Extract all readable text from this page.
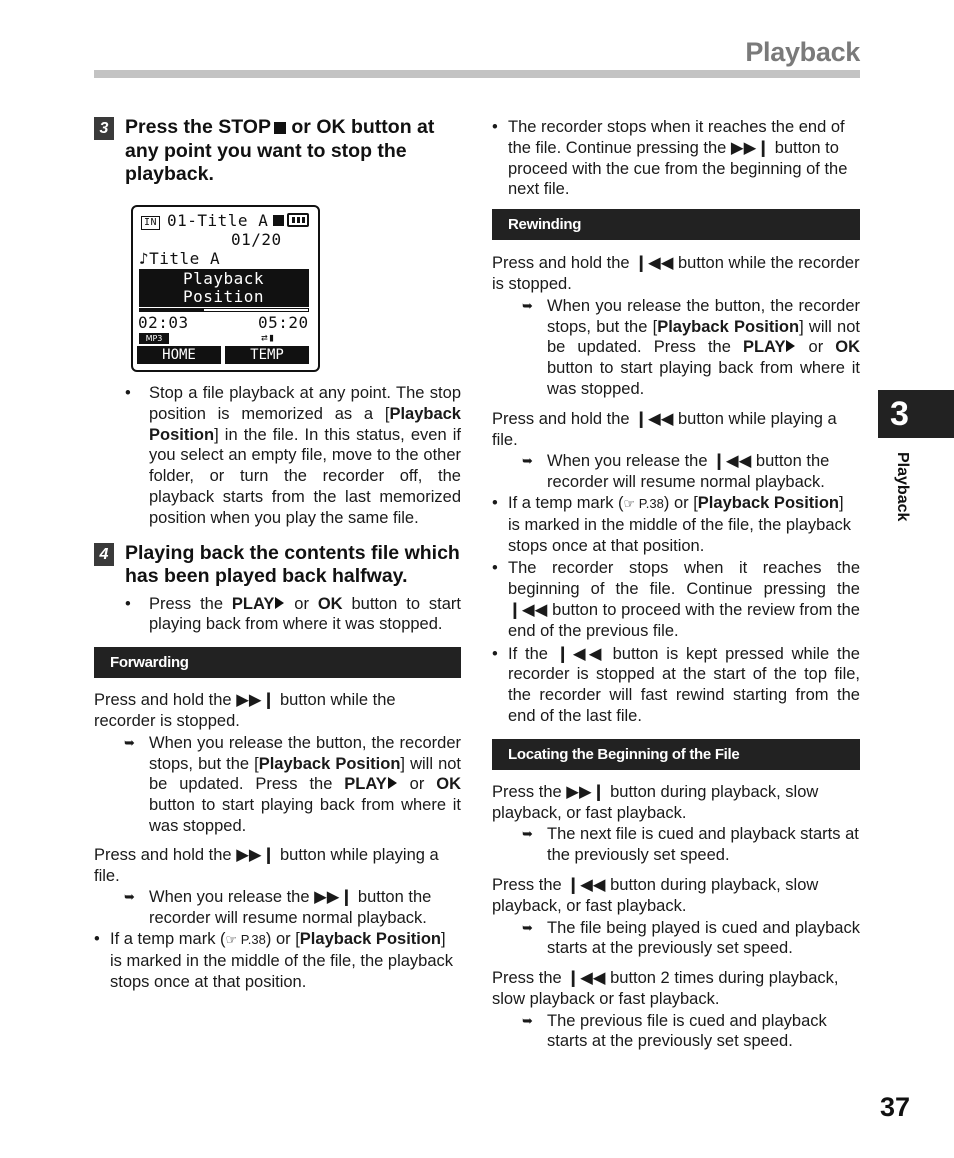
Playback
3
Playback
37
3 Press the STOP or OK button at any point you want to stop the playback.
IN 01-Title A
01/20
♪Title A
Playback
Position
02:03	05:20
MP3	⇄▮
HOME	TEMP
• Stop a file playback at any point. The stop position is memorized as a [Playback Position] in the file. In this status, even if you select an empty file, move to the other folder, or turn the recorder off, the playback starts from the last memorized position when you play the same file.
4 Playing back the contents file which has been played back halfway.
• Press the PLAY or OK button to start playing back from where it was stopped.
Forwarding

Press and hold the ▶▶❙ button while the recorder is stopped.

➥ When you release the button, the recorder stops, but the [Playback Position] will not be updated. Press the PLAY or OK button to start playing back from where it was stopped.

Press and hold the ▶▶❙ button while playing a file.

➥ When you release the ▶▶❙ button the recorder will resume normal playback.
• If a temp mark (☞ P.38) or [Playback Position] is marked in the middle of the file, the playback stops once at that position.
• The recorder stops when it reaches the end of the file. Continue pressing the ▶▶❙ button to proceed with the cue from the beginning of the next file.
Rewinding

Press and hold the ❙◀◀ button while the recorder is stopped.

➥ When you release the button, the recorder stops, but the [Playback Position] will not be updated. Press the PLAY or OK button to start playing back from where it was stopped.

Press and hold the ❙◀◀ button while playing a file.

➥ When you release the ❙◀◀ button the recorder will resume normal playback.
• If a temp mark (☞ P.38) or [Playback Position] is marked in the middle of the file, the playback stops once at that position.
• The recorder stops when it reaches the beginning of the file. Continue pressing the ❙◀◀ button to proceed with the review from the end of the previous file.
• If the ❙◀◀ button is kept pressed while the recorder is stopped at the start of the top file, the recorder will fast rewind starting from the end of the last file.
Locating the Beginning of the File

Press the ▶▶❙ button during playback, slow playback, or fast playback.

➥ The next file is cued and playback starts at the previously set speed.

Press the ❙◀◀ button during playback, slow playback, or fast playback.

➥ The file being played is cued and playback starts at the previously set speed.

Press the ❙◀◀ button 2 times during playback, slow playback or fast playback.

➥ The previous file is cued and playback starts at the previously set speed.
